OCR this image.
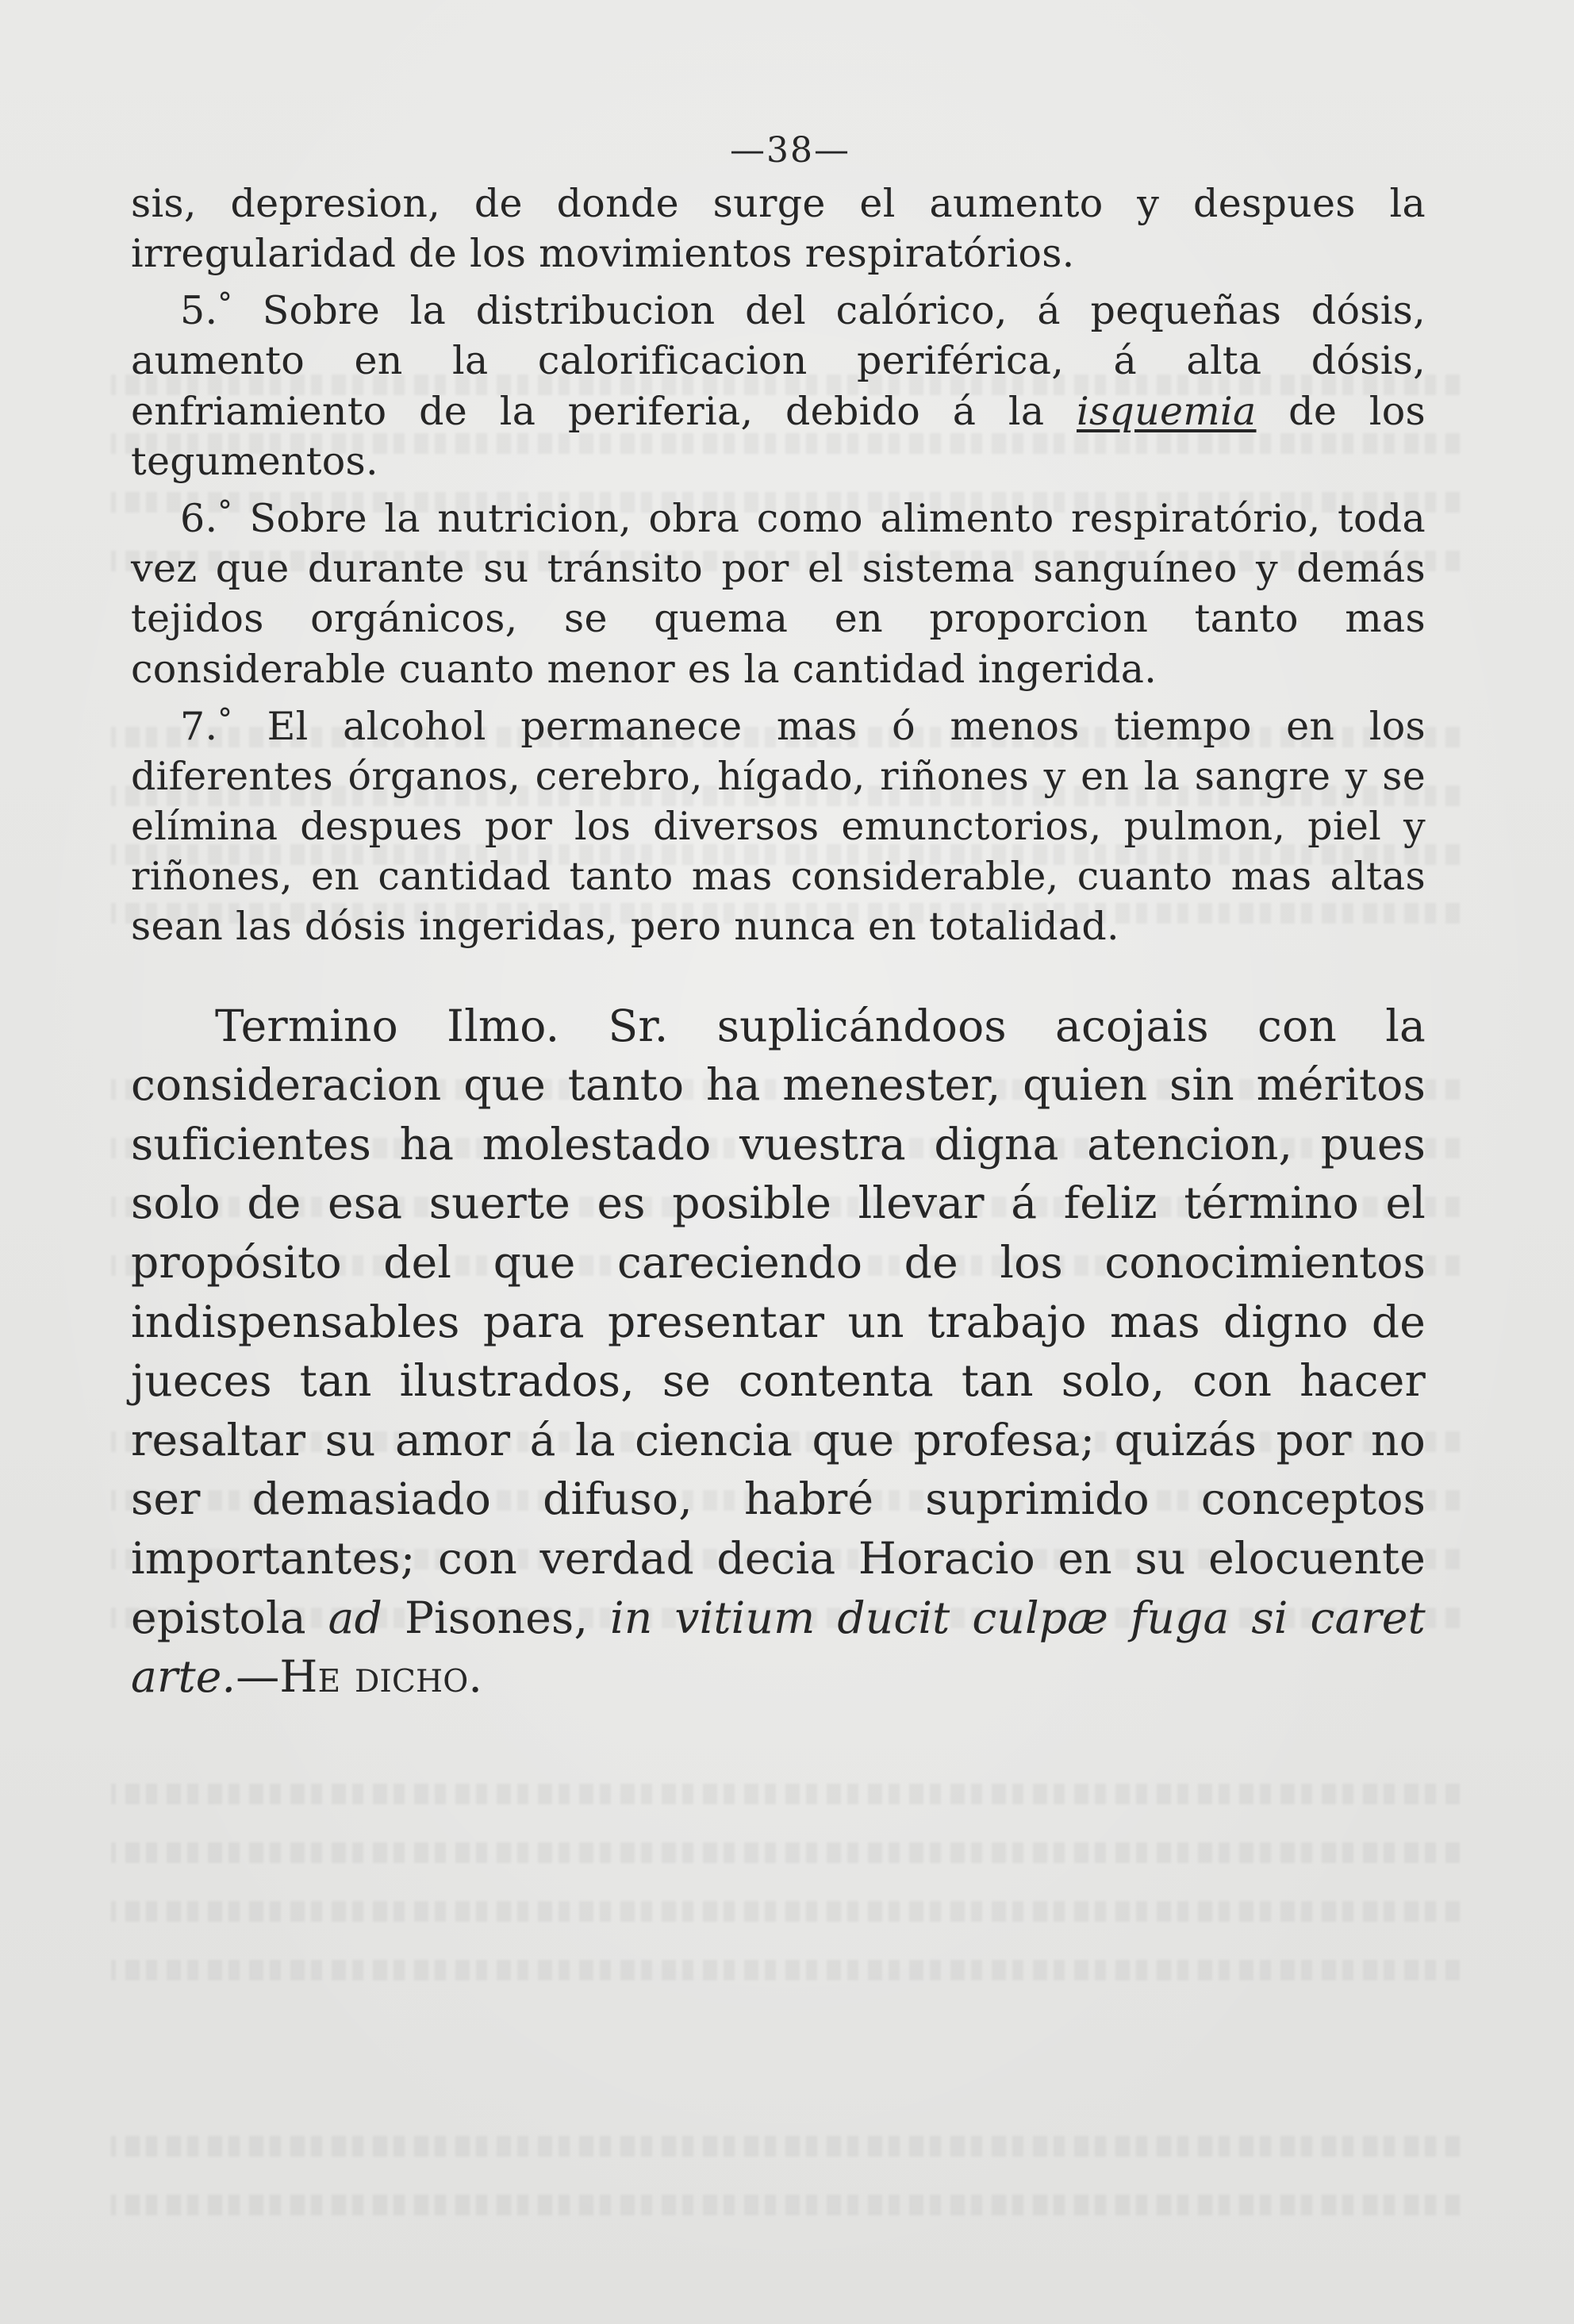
—38—

sis, depresion, de donde surge el aumento y despues la irregularidad de los movimientos respiratórios.

5.° Sobre la distribucion del calórico, á pequeñas dósis, aumento en la calorificacion periférica, á alta dósis, enfriamiento de la periferia, debido á la isquemia de los tegumentos.

6.° Sobre la nutricion, obra como alimento respiratório, toda vez que durante su tránsito por el sistema sanguíneo y demás tejidos orgánicos, se quema en proporcion tanto mas considerable cuanto menor es la cantidad ingerida.

7.° El alcohol permanece mas ó menos tiempo en los diferentes órganos, cerebro, hígado, riñones y en la sangre y se elímina despues por los diversos emunctorios, pulmon, piel y riñones, en cantidad tanto mas considerable, cuanto mas altas sean las dósis ingeridas, pero nunca en totalidad.

Termino Ilmo. Sr. suplicándoos acojais con la consideracion que tanto ha menester, quien sin méritos suficientes ha molestado vuestra digna atencion, pues solo de esa suerte es posible llevar á feliz término el propósito del que careciendo de los conocimientos indispensables para presentar un trabajo mas digno de jueces tan ilustrados, se contenta tan solo, con hacer resaltar su amor á la ciencia que profesa; quizás por no ser demasiado difuso, habré suprimido conceptos importantes; con verdad decia Horacio en su elocuente epistola ad Pisones, in vitium ducit culpæ fuga si caret arte.—He dicho.
